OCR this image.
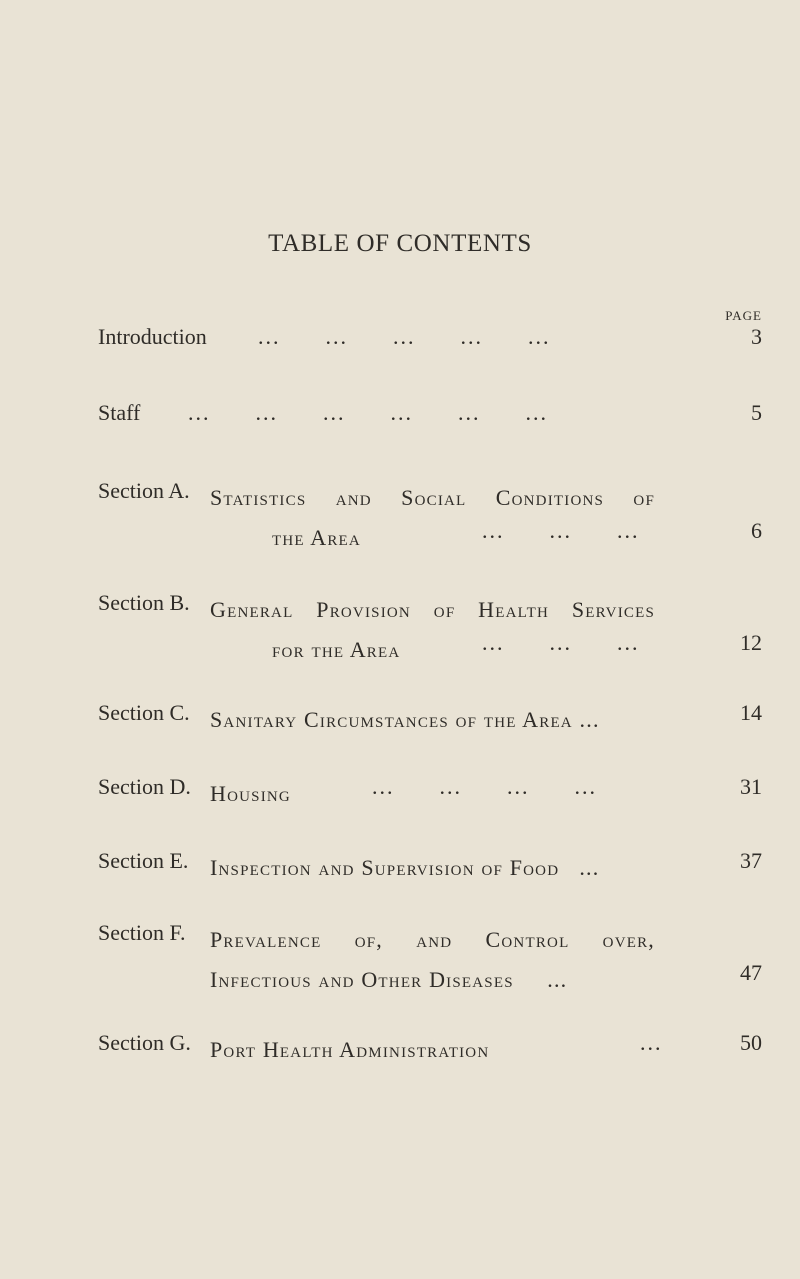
TABLE OF CONTENTS
PAGE
Introduction ... ... ... ... ...	3
Staff ... ... ... ... ... ...	5
Section A. Statistics and Social Conditions of
the Area	... ... ...	6
Section B. General Provision of Health Services
for the Area	... ... ...	12
Section C. Sanitary Circumstances of the Area ...	14
Section D. Housing	... ... ... ...	31
Section E. Inspection and Supervision of Food ...	37
Section F. Prevalence of, and Control over,
Infectious and Other Diseases ...	47
Section G. Port Health Administration	...	50
